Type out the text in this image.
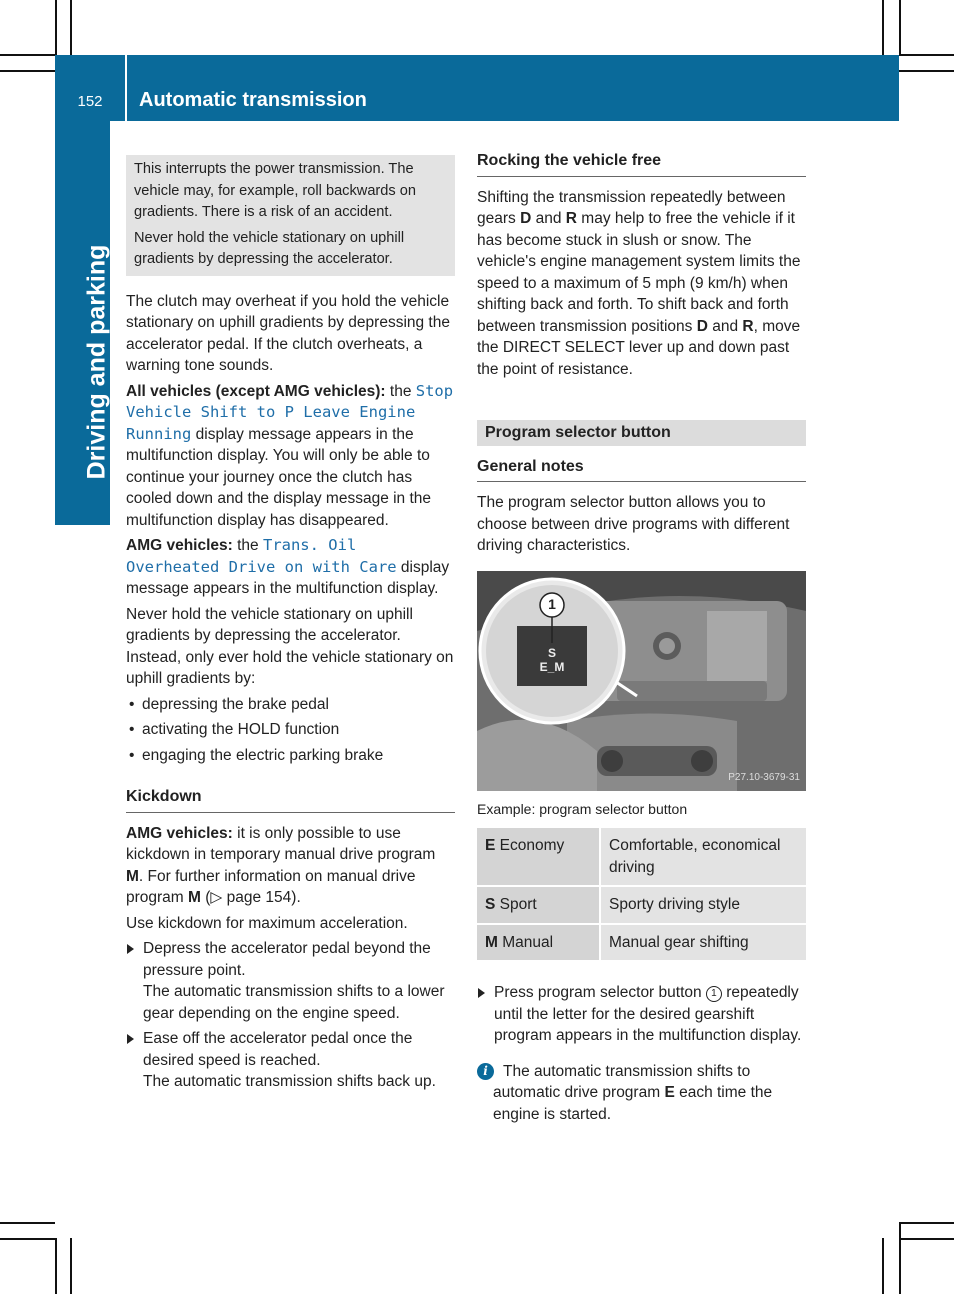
152	Automatic transmission
Driving and parking

This interrupts the power transmission. The vehicle may, for example, roll backwards on gradients. There is a risk of an accident.

Never hold the vehicle stationary on uphill gradients by depressing the accelerator.

The clutch may overheat if you hold the vehicle stationary on uphill gradients by depressing the accelerator pedal. If the clutch overheats, a warning tone sounds.

All vehicles (except AMG vehicles): the Stop Vehicle Shift to P Leave Engine Running display message appears in the multifunction display. You will only be able to continue your journey once the clutch has cooled down and the display message in the multifunction display has disappeared.

AMG vehicles: the Trans. Oil Overheated Drive on with Care display message appears in the multifunction display.

Never hold the vehicle stationary on uphill gradients by depressing the accelerator. Instead, only ever hold the vehicle stationary on uphill gradients by:

• depressing the brake pedal
• activating the HOLD function
• engaging the electric parking brake
Kickdown

AMG vehicles: it is only possible to use kickdown in temporary manual drive program M. For further information on manual drive program M (▷ page 154).

Use kickdown for maximum acceleration.

Depress the accelerator pedal beyond the pressure point.
The automatic transmission shifts to a lower gear depending on the engine speed.
Ease off the accelerator pedal once the desired speed is reached.
The automatic transmission shifts back up.
Rocking the vehicle free

Shifting the transmission repeatedly between gears D and R may help to free the vehicle if it has become stuck in slush or snow. The vehicle's engine management system limits the speed to a maximum of 5 mph (9 km/h) when shifting back and forth. To shift back and forth between transmission positions D and R, move the DIRECT SELECT lever up and down past the point of resistance.

Program selector button
General notes

The program selector button allows you to choose between drive programs with different driving characteristics.

1
S
E_M
P27.10-3679-31
Example: program selector button
E Economy	Comfortable, economical driving
S Sport	Sporty driving style
M Manual	Manual gear shifting
Press program selector button 1 repeatedly until the letter for the desired gearshift program appears in the multifunction display.
i The automatic transmission shifts to automatic drive program E each time the engine is started.
